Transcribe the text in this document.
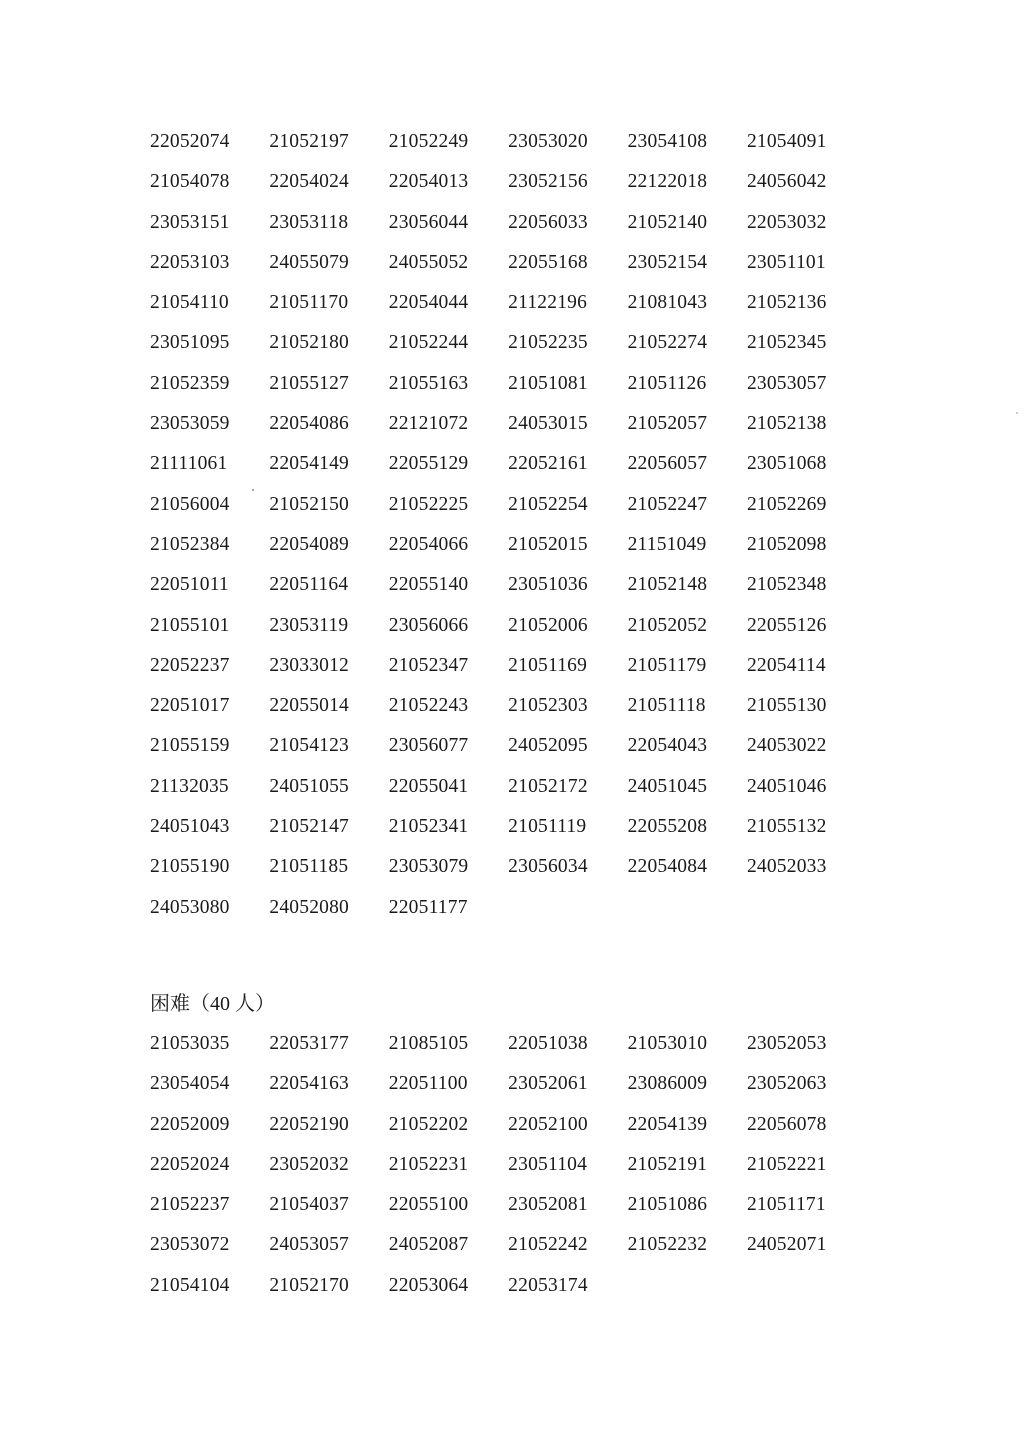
22052074	21052197	21052249	23053020	23054108	21054091
21054078	22054024	22054013	23052156	22122018	24056042
23053151	23053118	23056044	22056033	21052140	22053032
22053103	24055079	24055052	22055168	23052154	23051101
21054110	21051170	22054044	21122196	21081043	21052136
23051095	21052180	21052244	21052235	21052274	21052345
21052359	21055127	21055163	21051081	21051126	23053057
23053059	22054086	22121072	24053015	21052057	21052138
21111061	22054149	22055129	22052161	22056057	23051068
21056004	21052150	21052225	21052254	21052247	21052269
21052384	22054089	22054066	21052015	21151049	21052098
22051011	22051164	22055140	23051036	21052148	21052348
21055101	23053119	23056066	21052006	21052052	22055126
22052237	23033012	21052347	21051169	21051179	22054114
22051017	22055014	21052243	21052303	21051118	21055130
21055159	21054123	23056077	24052095	22054043	24053022
21132035	24051055	22055041	21052172	24051045	24051046
24051043	21052147	21052341	21051119	22055208	21055132
21055190	21051185	23053079	23056034	22054084	24052033
24053080	24052080	22051177
困难（40 人）
21053035	22053177	21085105	22051038	21053010	23052053
23054054	22054163	22051100	23052061	23086009	23052063
22052009	22052190	21052202	22052100	22054139	22056078
22052024	23052032	21052231	23051104	21052191	21052221
21052237	21054037	22055100	23052081	21051086	21051171
23053072	24053057	24052087	21052242	21052232	24052071
21054104	21052170	22053064	22053174
